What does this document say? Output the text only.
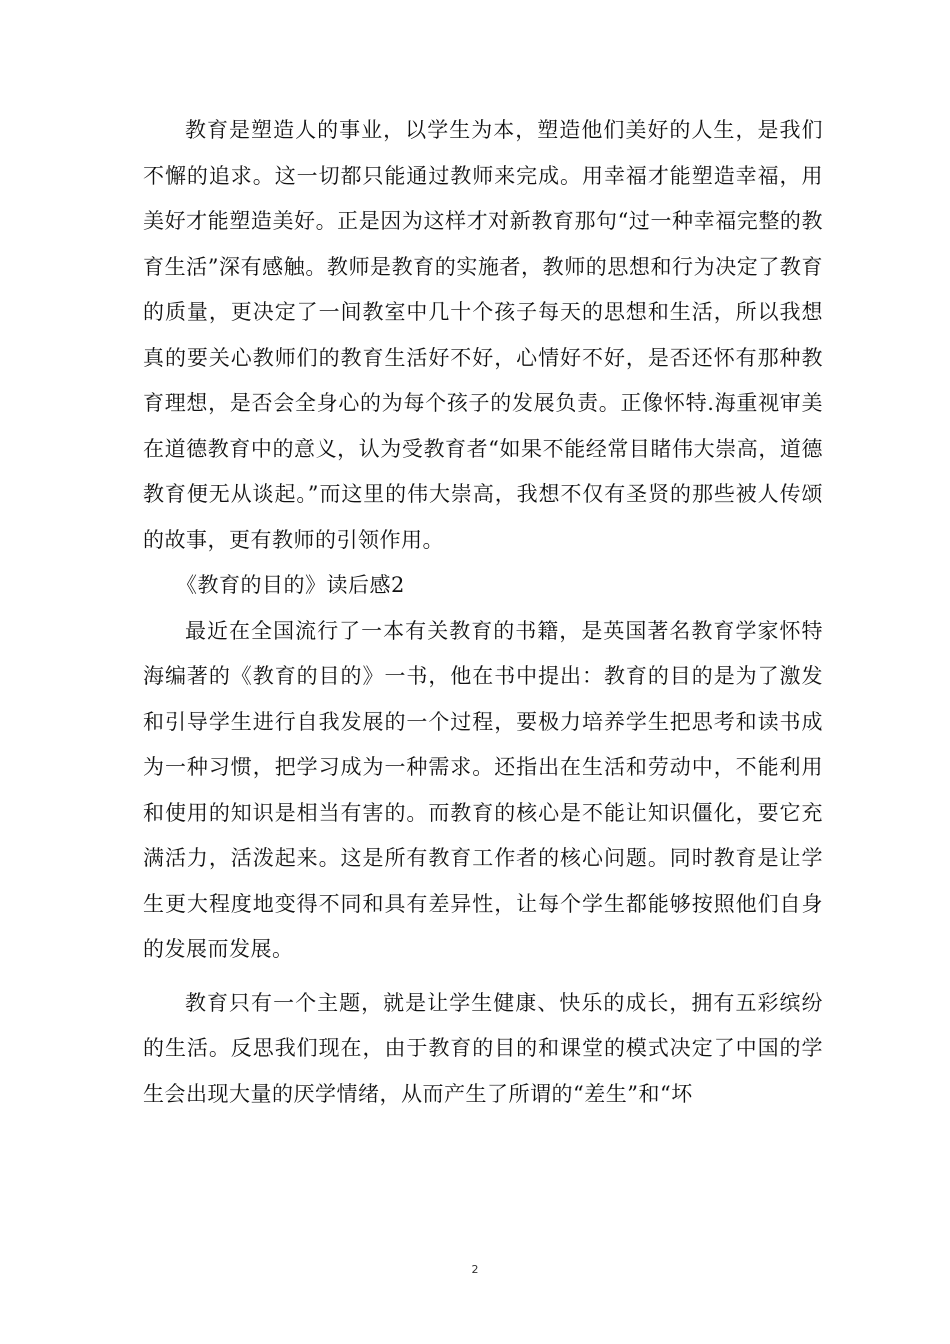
教育是塑造人的事业，以学生为本，塑造他们美好的人生，是我们不懈的追求。这一切都只能通过教师来完成。用幸福才能塑造幸福，用美好才能塑造美好。正是因为这样才对新教育那句“过一种幸福完整的教育生活”深有感触。教师是教育的实施者，教师的思想和行为决定了教育的质量，更决定了一间教室中几十个孩子每天的思想和生活，所以我想真的要关心教师们的教育生活好不好，心情好不好，是否还怀有那种教育理想，是否会全身心的为每个孩子的发展负责。正像怀特.海重视审美在道德教育中的意义，认为受教育者“如果不能经常目睹伟大崇高，道德教育便无从谈起。”而这里的伟大崇高，我想不仅有圣贤的那些被人传颂的故事，更有教师的引领作用。

《教育的目的》读后感2

最近在全国流行了一本有关教育的书籍，是英国著名教育学家怀特海编著的《教育的目的》一书，他在书中提出：教育的目的是为了激发和引导学生进行自我发展的一个过程，要极力培养学生把思考和读书成为一种习惯，把学习成为一种需求。还指出在生活和劳动中，不能利用和使用的知识是相当有害的。而教育的核心是不能让知识僵化，要它充满活力，活泼起来。这是所有教育工作者的核心问题。同时教育是让学生更大程度地变得不同和具有差异性，让每个学生都能够按照他们自身的发展而发展。

教育只有一个主题，就是让学生健康、快乐的成长，拥有五彩缤纷的生活。反思我们现在，由于教育的目的和课堂的模式决定了中国的学生会出现大量的厌学情绪，从而产生了所谓的“差生”和“坏

2
